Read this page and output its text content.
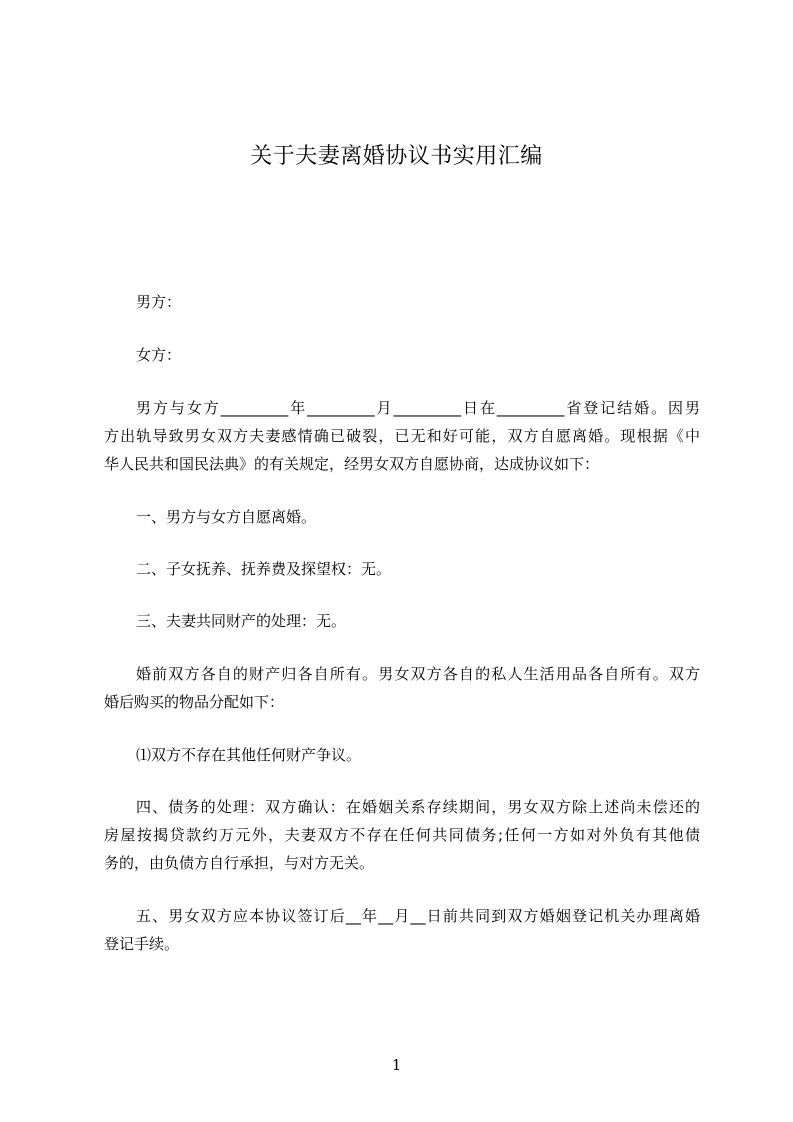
关于夫妻离婚协议书实用汇编
男方：
女方：
男方与女方_________年_________月_________日在_________省登记结婚。因男
方出轨导致男女双方夫妻感情确已破裂，已无和好可能，双方自愿离婚。现根据《中
华人民共和国民法典》的有关规定，经男女双方自愿协商，达成协议如下：
一、男方与女方自愿离婚。
二、子女抚养、抚养费及探望权：无。
三、夫妻共同财产的处理：无。
婚前双方各自的财产归各自所有。男女双方各自的私人生活用品各自所有。双方
婚后购买的物品分配如下：
⑴双方不存在其他任何财产争议。
四、债务的处理：双方确认：在婚姻关系存续期间，男女双方除上述尚未偿还的
房屋按揭贷款约万元外，夫妻双方不存在任何共同债务;任何一方如对外负有其他债
务的，由负债方自行承担，与对方无关。
五、男女双方应本协议签订后__年__月__日前共同到双方婚姻登记机关办理离婚
登记手续。
1
